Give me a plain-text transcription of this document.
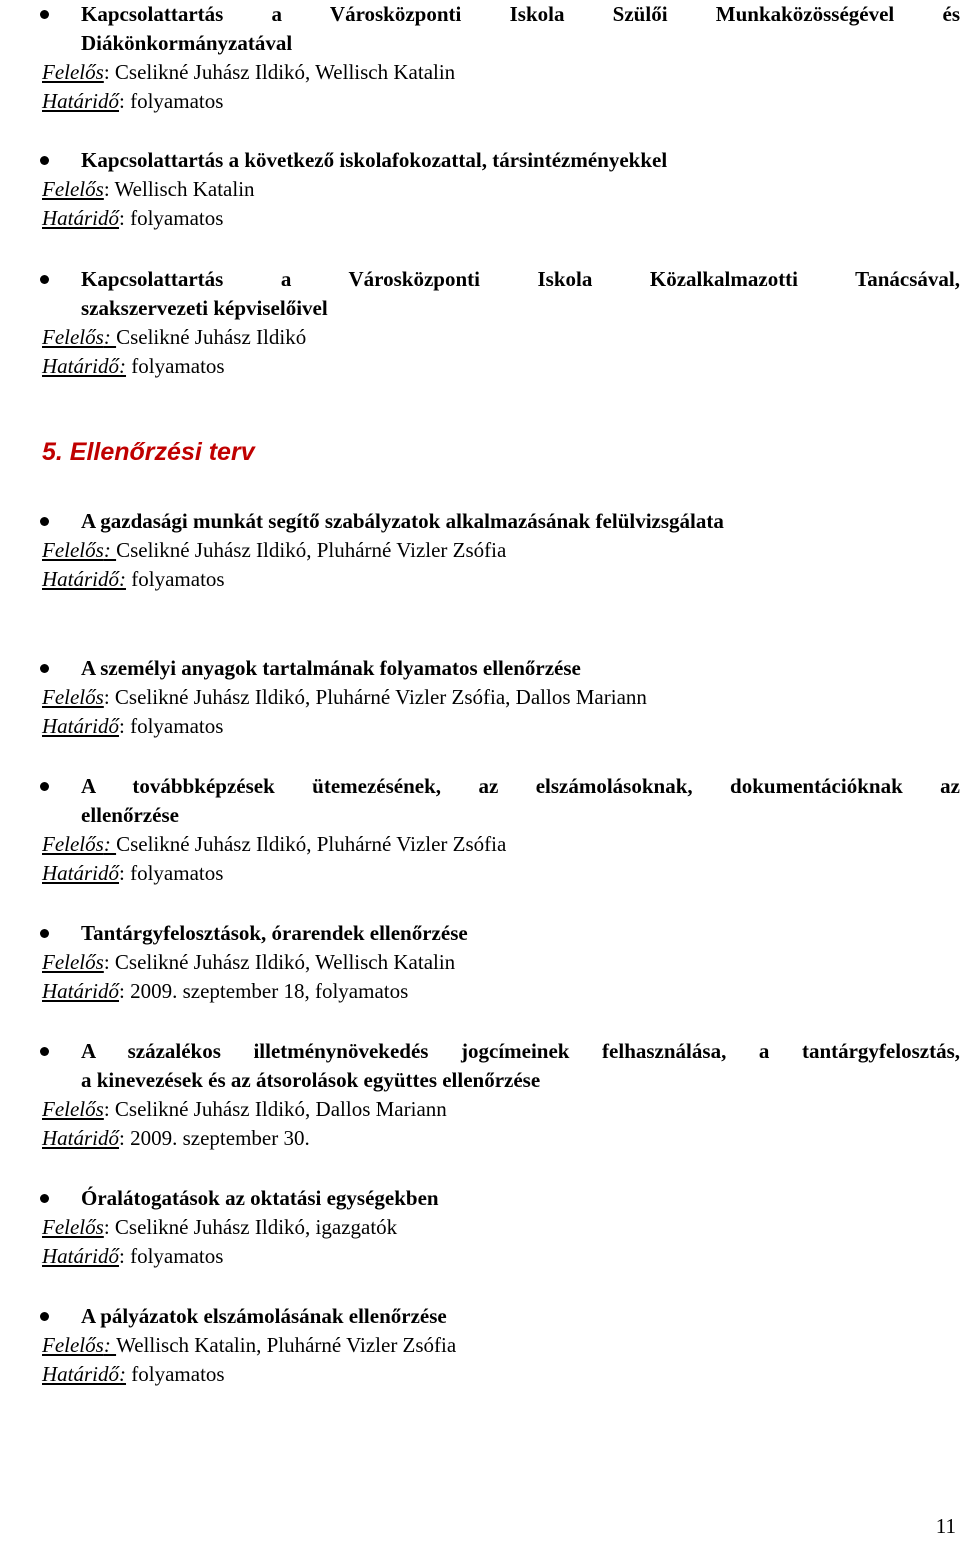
Kapcsolattartás a Városközponti Iskola Szülői Munkaközösségével és
Diákönkormányzatával
Felelős: Cselikné Juhász Ildikó, Wellisch Katalin
Határidő: folyamatos
Kapcsolattartás a következő iskolafokozattal, társintézményekkel
Felelős: Wellisch Katalin
Határidő: folyamatos
Kapcsolattartás a Városközponti Iskola Közalkalmazotti Tanácsával,
szakszervezeti képviselőivel
Felelős: Cselikné Juhász Ildikó
Határidő: folyamatos
5. Ellenőrzési terv
A gazdasági munkát segítő szabályzatok alkalmazásának felülvizsgálata
Felelős: Cselikné Juhász Ildikó, Pluhárné Vizler Zsófia
Határidő: folyamatos
A személyi anyagok tartalmának folyamatos ellenőrzése
Felelős: Cselikné Juhász Ildikó, Pluhárné Vizler Zsófia, Dallos Mariann
Határidő: folyamatos
A továbbképzések ütemezésének, az elszámolásoknak, dokumentációknak az
ellenőrzése
Felelős: Cselikné Juhász Ildikó, Pluhárné Vizler Zsófia
Határidő: folyamatos
Tantárgyfelosztások, órarendek ellenőrzése
Felelős: Cselikné Juhász Ildikó, Wellisch Katalin
Határidő: 2009. szeptember 18, folyamatos
A százalékos illetménynövekedés jogcímeinek felhasználása, a tantárgyfelosztás,
a kinevezések és az átsorolások együttes ellenőrzése
Felelős: Cselikné Juhász Ildikó, Dallos Mariann
Határidő: 2009. szeptember 30.
Óralátogatások az oktatási egységekben
Felelős: Cselikné Juhász Ildikó, igazgatók
Határidő: folyamatos
A pályázatok elszámolásának ellenőrzése
Felelős: Wellisch Katalin, Pluhárné Vizler Zsófia
Határidő: folyamatos
11
